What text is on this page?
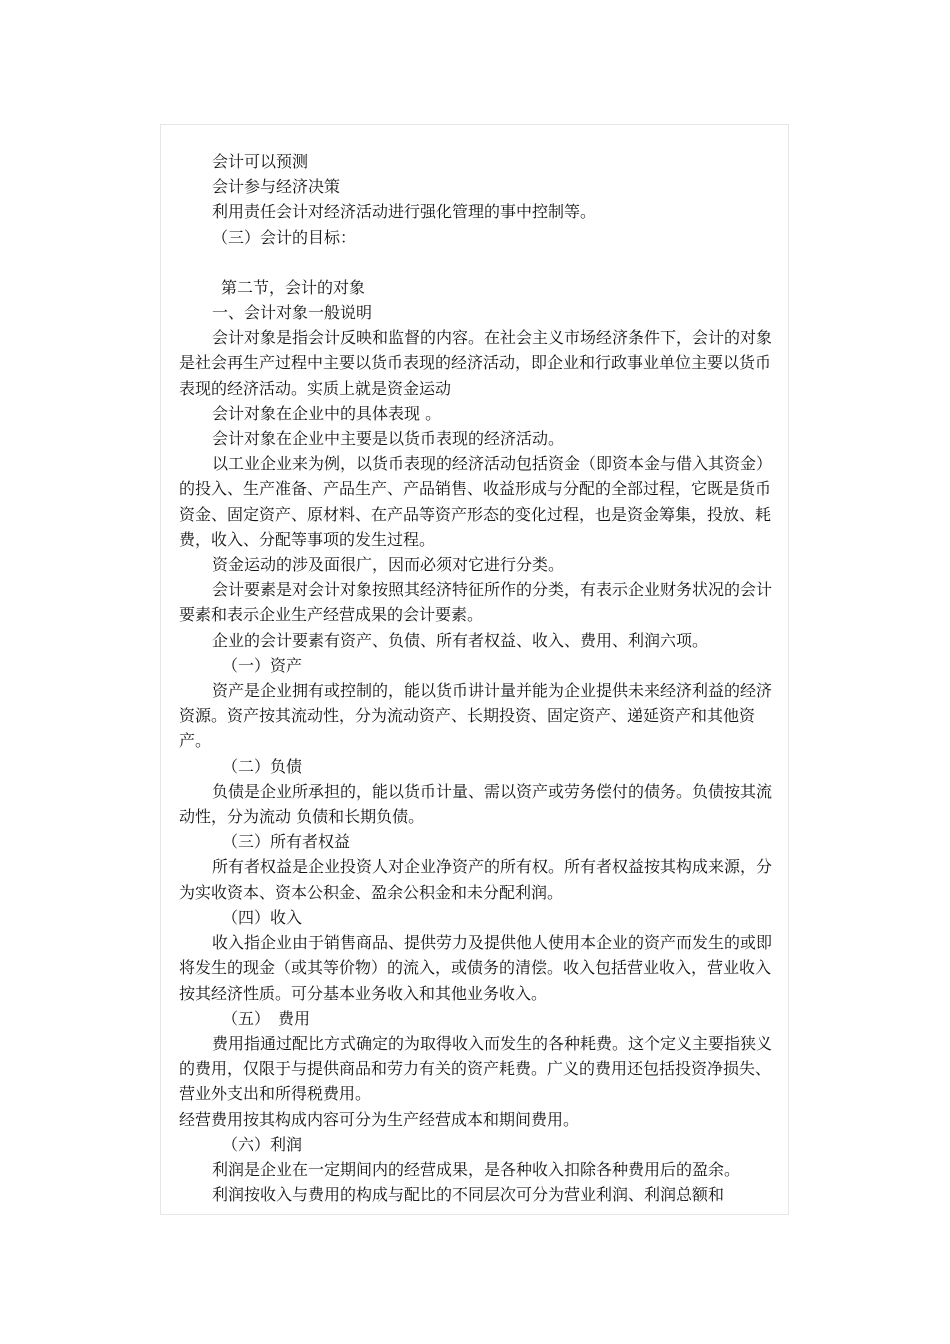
会计可以预测

会计参与经济决策

利用责任会计对经济活动进行强化管理的事中控制等。

（三）会计的目标：

第二节，会计的对象

一、会计对象一般说明

会计对象是指会计反映和监督的内容。在社会主义市场经济条件下，会计的对象是社会再生产过程中主要以货币表现的经济活动，即企业和行政事业单位主要以货币表现的经济活动。实质上就是资金运动

会计对象在企业中的具体表现 。

会计对象在企业中主要是以货币表现的经济活动。

以工业企业来为例，以货币表现的经济活动包括资金（即资本金与借入其资金）的投入、生产准备、产品生产、产品销售、收益形成与分配的全部过程，它既是货币资金、固定资产、原材料、在产品等资产形态的变化过程，也是资金筹集，投放、耗费，收入、分配等事项的发生过程。

资金运动的涉及面很广，因而必须对它进行分类。

会计要素是对会计对象按照其经济特征所作的分类，有表示企业财务状况的会计要素和表示企业生产经营成果的会计要素。

企业的会计要素有资产、负债、所有者权益、收入、费用、利润六项。

（一）资产

资产是企业拥有或控制的，能以货币讲计量并能为企业提供未来经济利益的经济资源。资产按其流动性，分为流动资产、长期投资、固定资产、递延资产和其他资产。

（二）负债

负债是企业所承担的，能以货币计量、需以资产或劳务偿付的债务。负债按其流动性，分为流动 负债和长期负债。

（三）所有者权益

所有者权益是企业投资人对企业净资产的所有权。所有者权益按其构成来源，分为实收资本、资本公积金、盈余公积金和未分配利润。

（四）收入

收入指企业由于销售商品、提供劳力及提供他人使用本企业的资产而发生的或即将发生的现金（或其等价物）的流入，或债务的清偿。收入包括营业收入，营业收入按其经济性质。可分基本业务收入和其他业务收入。

（五）　费用

费用指通过配比方式确定的为取得收入而发生的各种耗费。这个定义主要指狭义的费用，仅限于与提供商品和劳力有关的资产耗费。广义的费用还包括投资净损失、营业外支出和所得税费用。

经营费用按其构成内容可分为生产经营成本和期间费用。

（六）利润

利润是企业在一定期间内的经营成果，是各种收入扣除各种费用后的盈余。

利润按收入与费用的构成与配比的不同层次可分为营业利润、利润总额和
